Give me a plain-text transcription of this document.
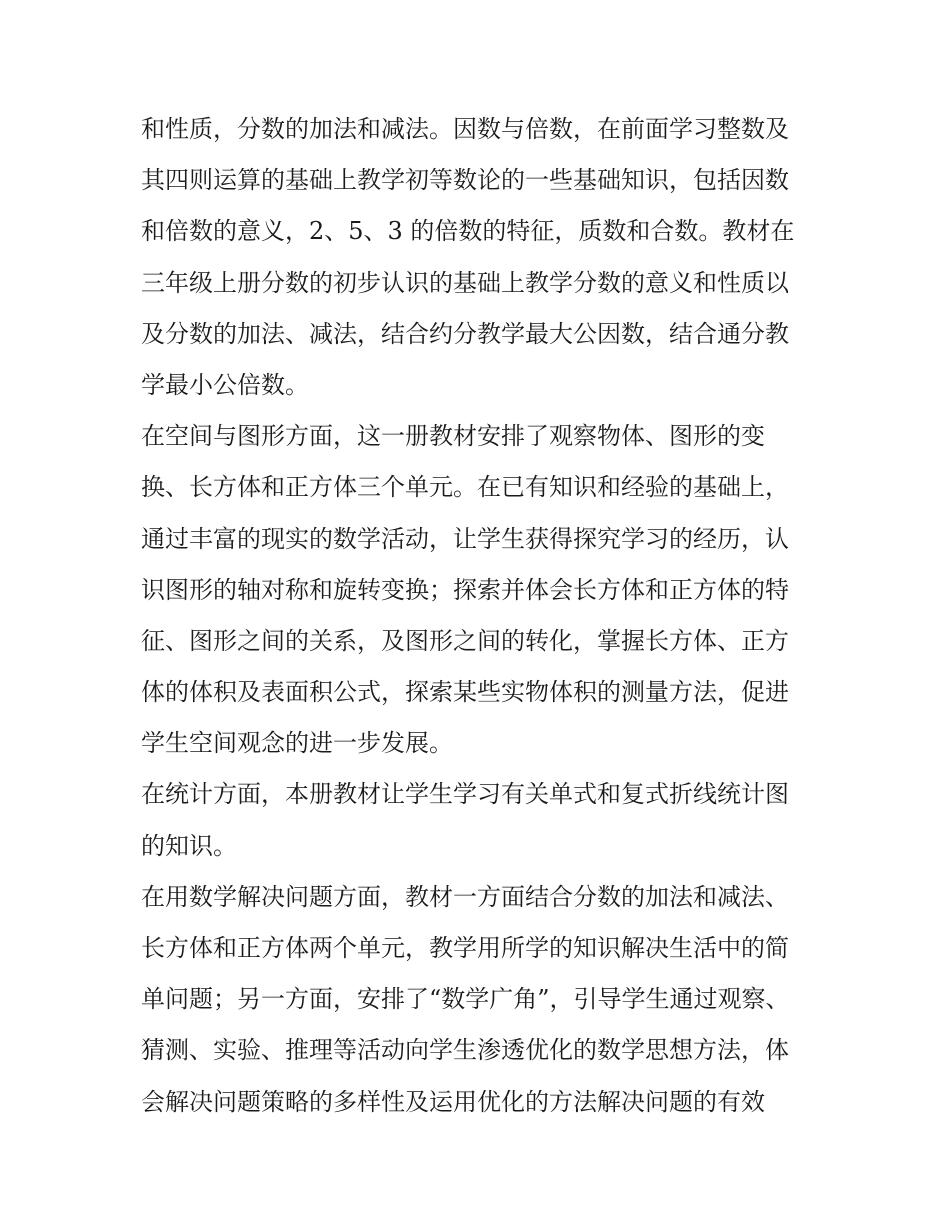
和性质，分数的加法和减法。因数与倍数，在前面学习整数及
其四则运算的基础上教学初等数论的一些基础知识，包括因数
和倍数的意义，2、5、3 的倍数的特征，质数和合数。教材在
三年级上册分数的初步认识的基础上教学分数的意义和性质以
及分数的加法、减法，结合约分教学最大公因数，结合通分教
学最小公倍数。
在空间与图形方面，这一册教材安排了观察物体、图形的变
换、长方体和正方体三个单元。在已有知识和经验的基础上，
通过丰富的现实的数学活动，让学生获得探究学习的经历，认
识图形的轴对称和旋转变换；探索并体会长方体和正方体的特
征、图形之间的关系，及图形之间的转化，掌握长方体、正方
体的体积及表面积公式，探索某些实物体积的测量方法，促进
学生空间观念的进一步发展。
在统计方面，本册教材让学生学习有关单式和复式折线统计图
的知识。
在用数学解决问题方面，教材一方面结合分数的加法和减法、
长方体和正方体两个单元，教学用所学的知识解决生活中的简
单问题；另一方面，安排了“数学广角”，引导学生通过观察、
猜测、实验、推理等活动向学生渗透优化的数学思想方法，体
会解决问题策略的多样性及运用优化的方法解决问题的有效
